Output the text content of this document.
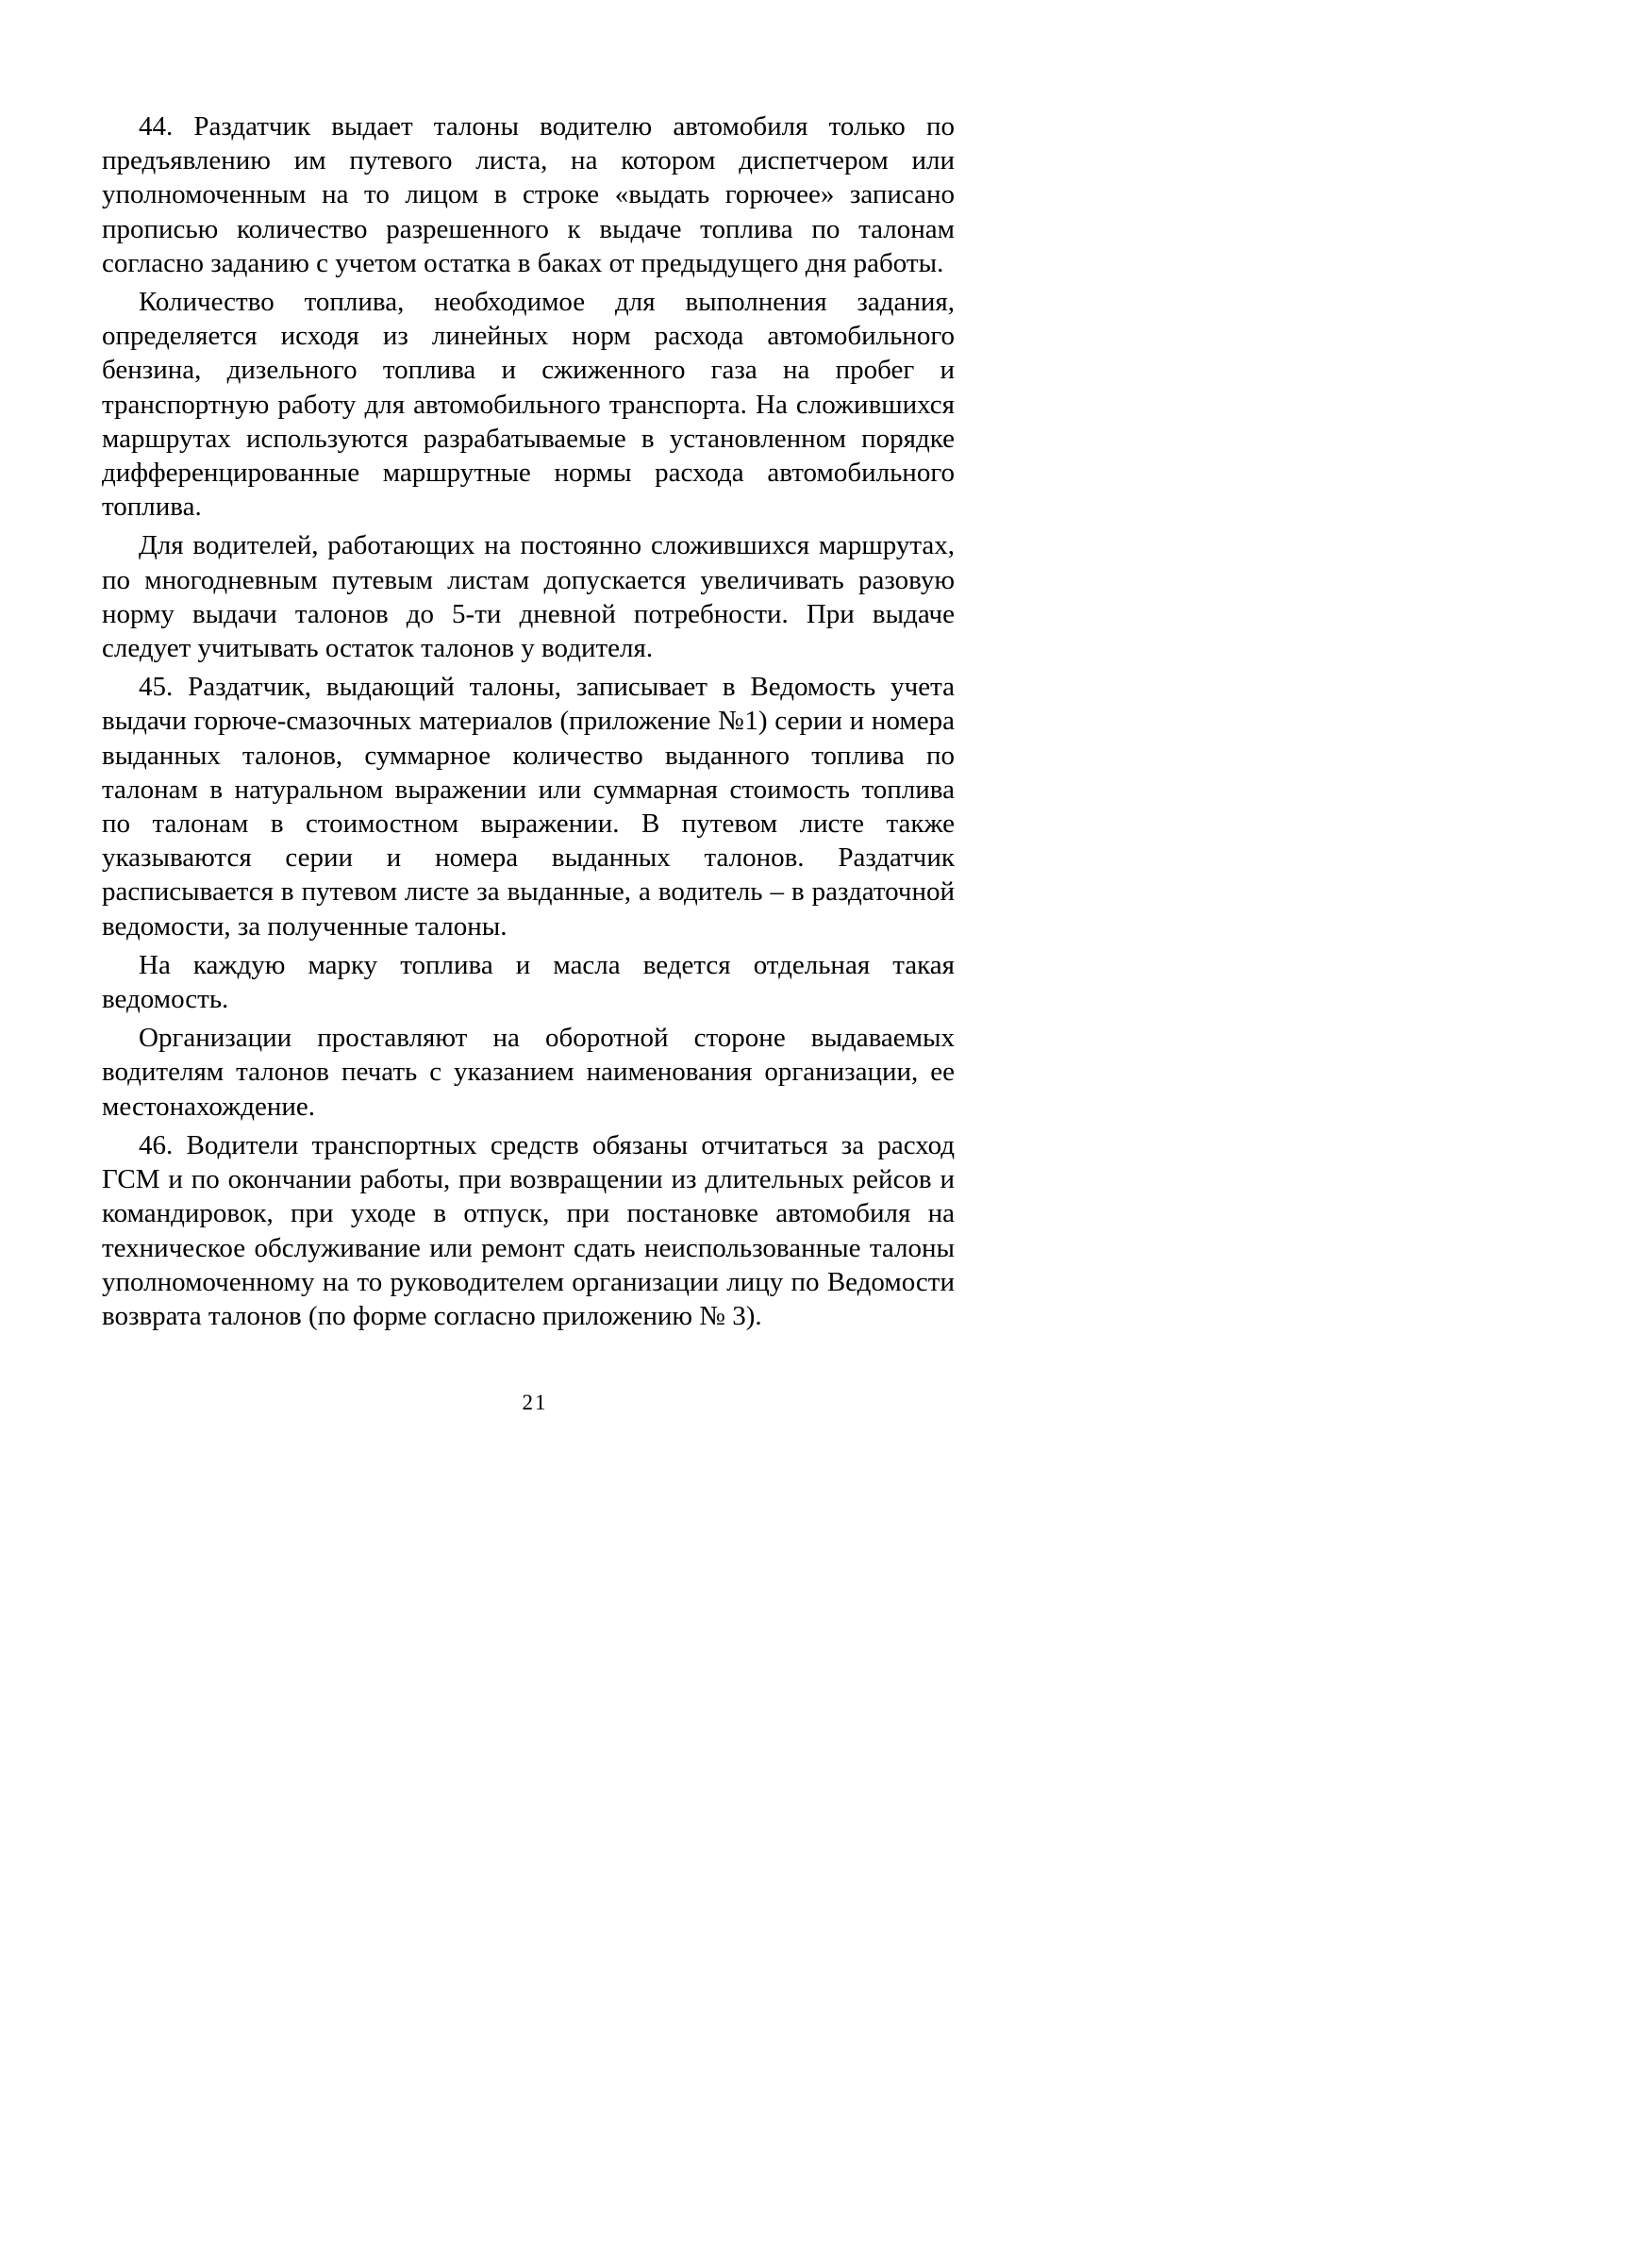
44. Раздатчик выдает талоны водителю автомобиля только по предъявлению им путевого листа, на котором диспетчером или уполномоченным на то лицом в строке «выдать горючее» записано прописью количество разрешенного к выдаче топлива по талонам согласно заданию с учетом остатка в баках от предыдущего дня работы.

Количество топлива, необходимое для выполнения задания, определяется исходя из линейных норм расхода автомобильного бензина, дизельного топлива и сжиженного газа на пробег и транспортную работу для автомобильного транспорта. На сложившихся маршрутах используются разрабатываемые в установленном порядке дифференцированные маршрутные нормы расхода автомобильного топлива.

Для водителей, работающих на постоянно сложившихся маршрутах, по многодневным путевым листам допускается увеличивать разовую норму выдачи талонов до 5-ти дневной потребности. При выдаче следует учитывать остаток талонов у водителя.

45. Раздатчик, выдающий талоны, записывает в Ведомость учета выдачи горюче-смазочных материалов (приложение №1) серии и номера выданных талонов, суммарное количество выданного топлива по талонам в натуральном выражении или суммарная стоимость топлива по талонам в стоимостном выражении. В путевом листе также указываются серии и номера выданных талонов. Раздатчик расписывается в путевом листе за выданные, а водитель – в раздаточной ведомости, за полученные талоны.

На каждую марку топлива и масла ведется отдельная такая ведомость.

Организации проставляют на оборотной стороне выдаваемых водителям талонов печать с указанием наименования организации, ее местонахождение.

46. Водители транспортных средств обязаны отчитаться за расход ГСМ и по окончании работы, при возвращении из длительных рейсов и командировок, при уходе в отпуск, при постановке автомобиля на техническое обслуживание или ремонт сдать неиспользованные талоны уполномоченному на то руководителем организации лицу по Ведомости возврата талонов (по форме согласно приложению № 3).

21
